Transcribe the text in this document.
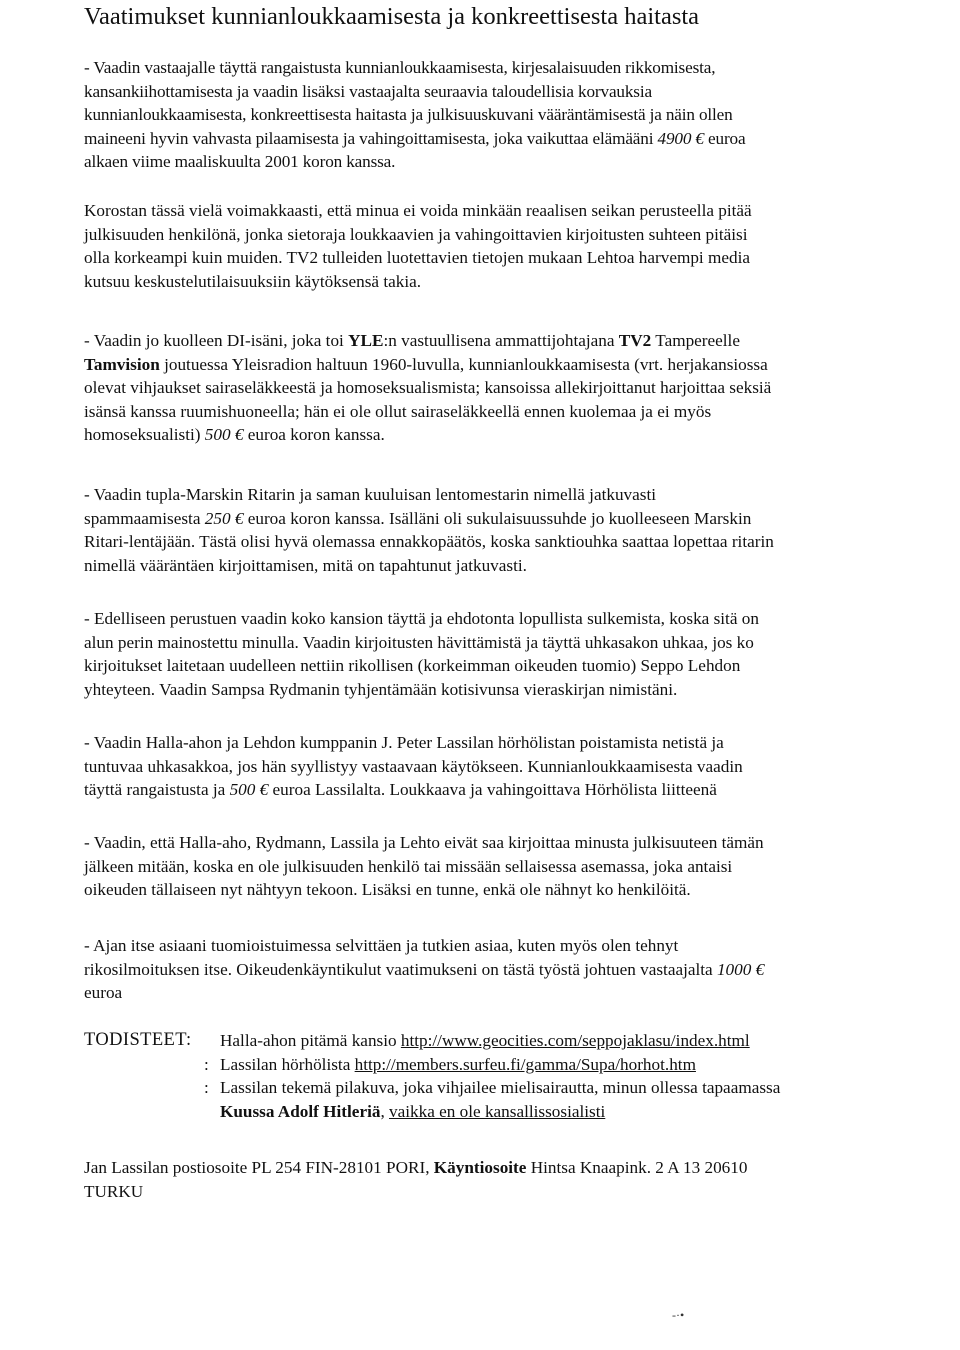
Vaatimukset kunnianloukkaamisesta ja konkreettisesta haitasta
- Vaadin vastaajalle täyttä rangaistusta kunnianloukkaamisesta, kirjesalaisuuden rikkomisesta,
kansankiihottamisesta ja vaadin lisäksi vastaajalta seuraavia taloudellisia korvauksia
kunnianloukkaamisesta, konkreettisesta haitasta ja julkisuuskuvani vääräntämisestä ja näin ollen
maineeni hyvin vahvasta pilaamisesta ja vahingoittamisesta, joka vaikuttaa elämääni 4900 € euroa
alkaen viime maaliskuulta 2001 koron kanssa.
Korostan tässä vielä voimakkaasti, että minua ei voida minkään reaalisen seikan perusteella pitää
julkisuuden henkilönä, jonka sietoraja loukkaavien ja vahingoittavien kirjoitusten suhteen pitäisi
olla korkeampi kuin muiden. TV2 tulleiden luotettavien tietojen mukaan Lehtoa harvempi media
kutsuu keskustelutilaisuuksiin käytöksensä takia.
- Vaadin jo kuolleen DI-isäni, joka toi YLE:n vastuullisena ammattijohtajana TV2 Tampereelle
Tamvision joutuessa Yleisradion haltuun 1960-luvulla, kunnianloukkaamisesta (vrt. herjakansiossa
olevat vihjaukset sairaseläkkeestä ja homoseksualismista; kansoissa allekirjoittanut harjoittaa seksiä
isänsä kanssa ruumishuoneella; hän ei ole ollut sairaseläkkeellä ennen kuolemaa ja ei myös
homoseksualisti) 500 € euroa koron kanssa.
- Vaadin tupla-Marskin Ritarin ja saman kuuluisan lentomestarin nimellä jatkuvasti
spammaamisesta 250 € euroa koron kanssa. Isälläni oli sukulaisuussuhde jo kuolleeseen Marskin
Ritari-lentäjään. Tästä olisi hyvä olemassa ennakkopäätös, koska sanktiouhka saattaa lopettaa ritarin
nimellä vääräntäen kirjoittamisen, mitä on tapahtunut jatkuvasti.
- Edelliseen perustuen vaadin koko kansion täyttä ja ehdotonta lopullista sulkemista, koska sitä on
alun perin mainostettu minulla. Vaadin kirjoitusten hävittämistä ja täyttä uhkasakon uhkaa, jos ko
kirjoitukset laitetaan uudelleen nettiin rikollisen (korkeimman oikeuden tuomio) Seppo Lehdon
yhteyteen. Vaadin Sampsa Rydmanin tyhjentämään kotisivunsa vieraskirjan nimistäni.
- Vaadin Halla-ahon ja Lehdon kumppanin J. Peter Lassilan hörhölistan poistamista netistä ja
tuntuvaa uhkasakkoa, jos hän syyllistyy vastaavaan käytökseen. Kunnianloukkaamisesta vaadin
täyttä rangaistusta ja 500 € euroa Lassilalta. Loukkaava ja vahingoittava Hörhölista liitteenä
- Vaadin, että Halla-aho, Rydmann, Lassila ja Lehto eivät saa kirjoittaa minusta julkisuuteen tämän
jälkeen mitään, koska en ole julkisuuden henkilö tai missään sellaisessa asemassa, joka antaisi
oikeuden tällaiseen nyt nähtyyn tekoon. Lisäksi en tunne, enkä ole nähnyt ko henkilöitä.
- Ajan itse asiaani tuomioistuimessa selvittäen ja tutkien asiaa, kuten myös olen tehnyt
rikosilmoituksen itse. Oikeudenkäyntikulut vaatimukseni on tästä työstä johtuen vastaajalta 1000 €
euroa
TODISTEET: Halla-ahon pitämä kansio http://www.geocities.com/seppojaklasu/index.html
: Lassilan hörhölista http://members.surfeu.fi/gamma/Supa/horhot.htm
: Lassilan tekemä pilakuva, joka vihjailee mielisairautta, minun ollessa tapaamassa
Kuussa Adolf Hitleriä, vaikka en ole kansallissosialisti
Jan Lassilan postiosoite PL 254 FIN-28101 PORI, Käyntiosoite Hintsa Knaapink. 2 A 13 20610
TURKU
-·•
